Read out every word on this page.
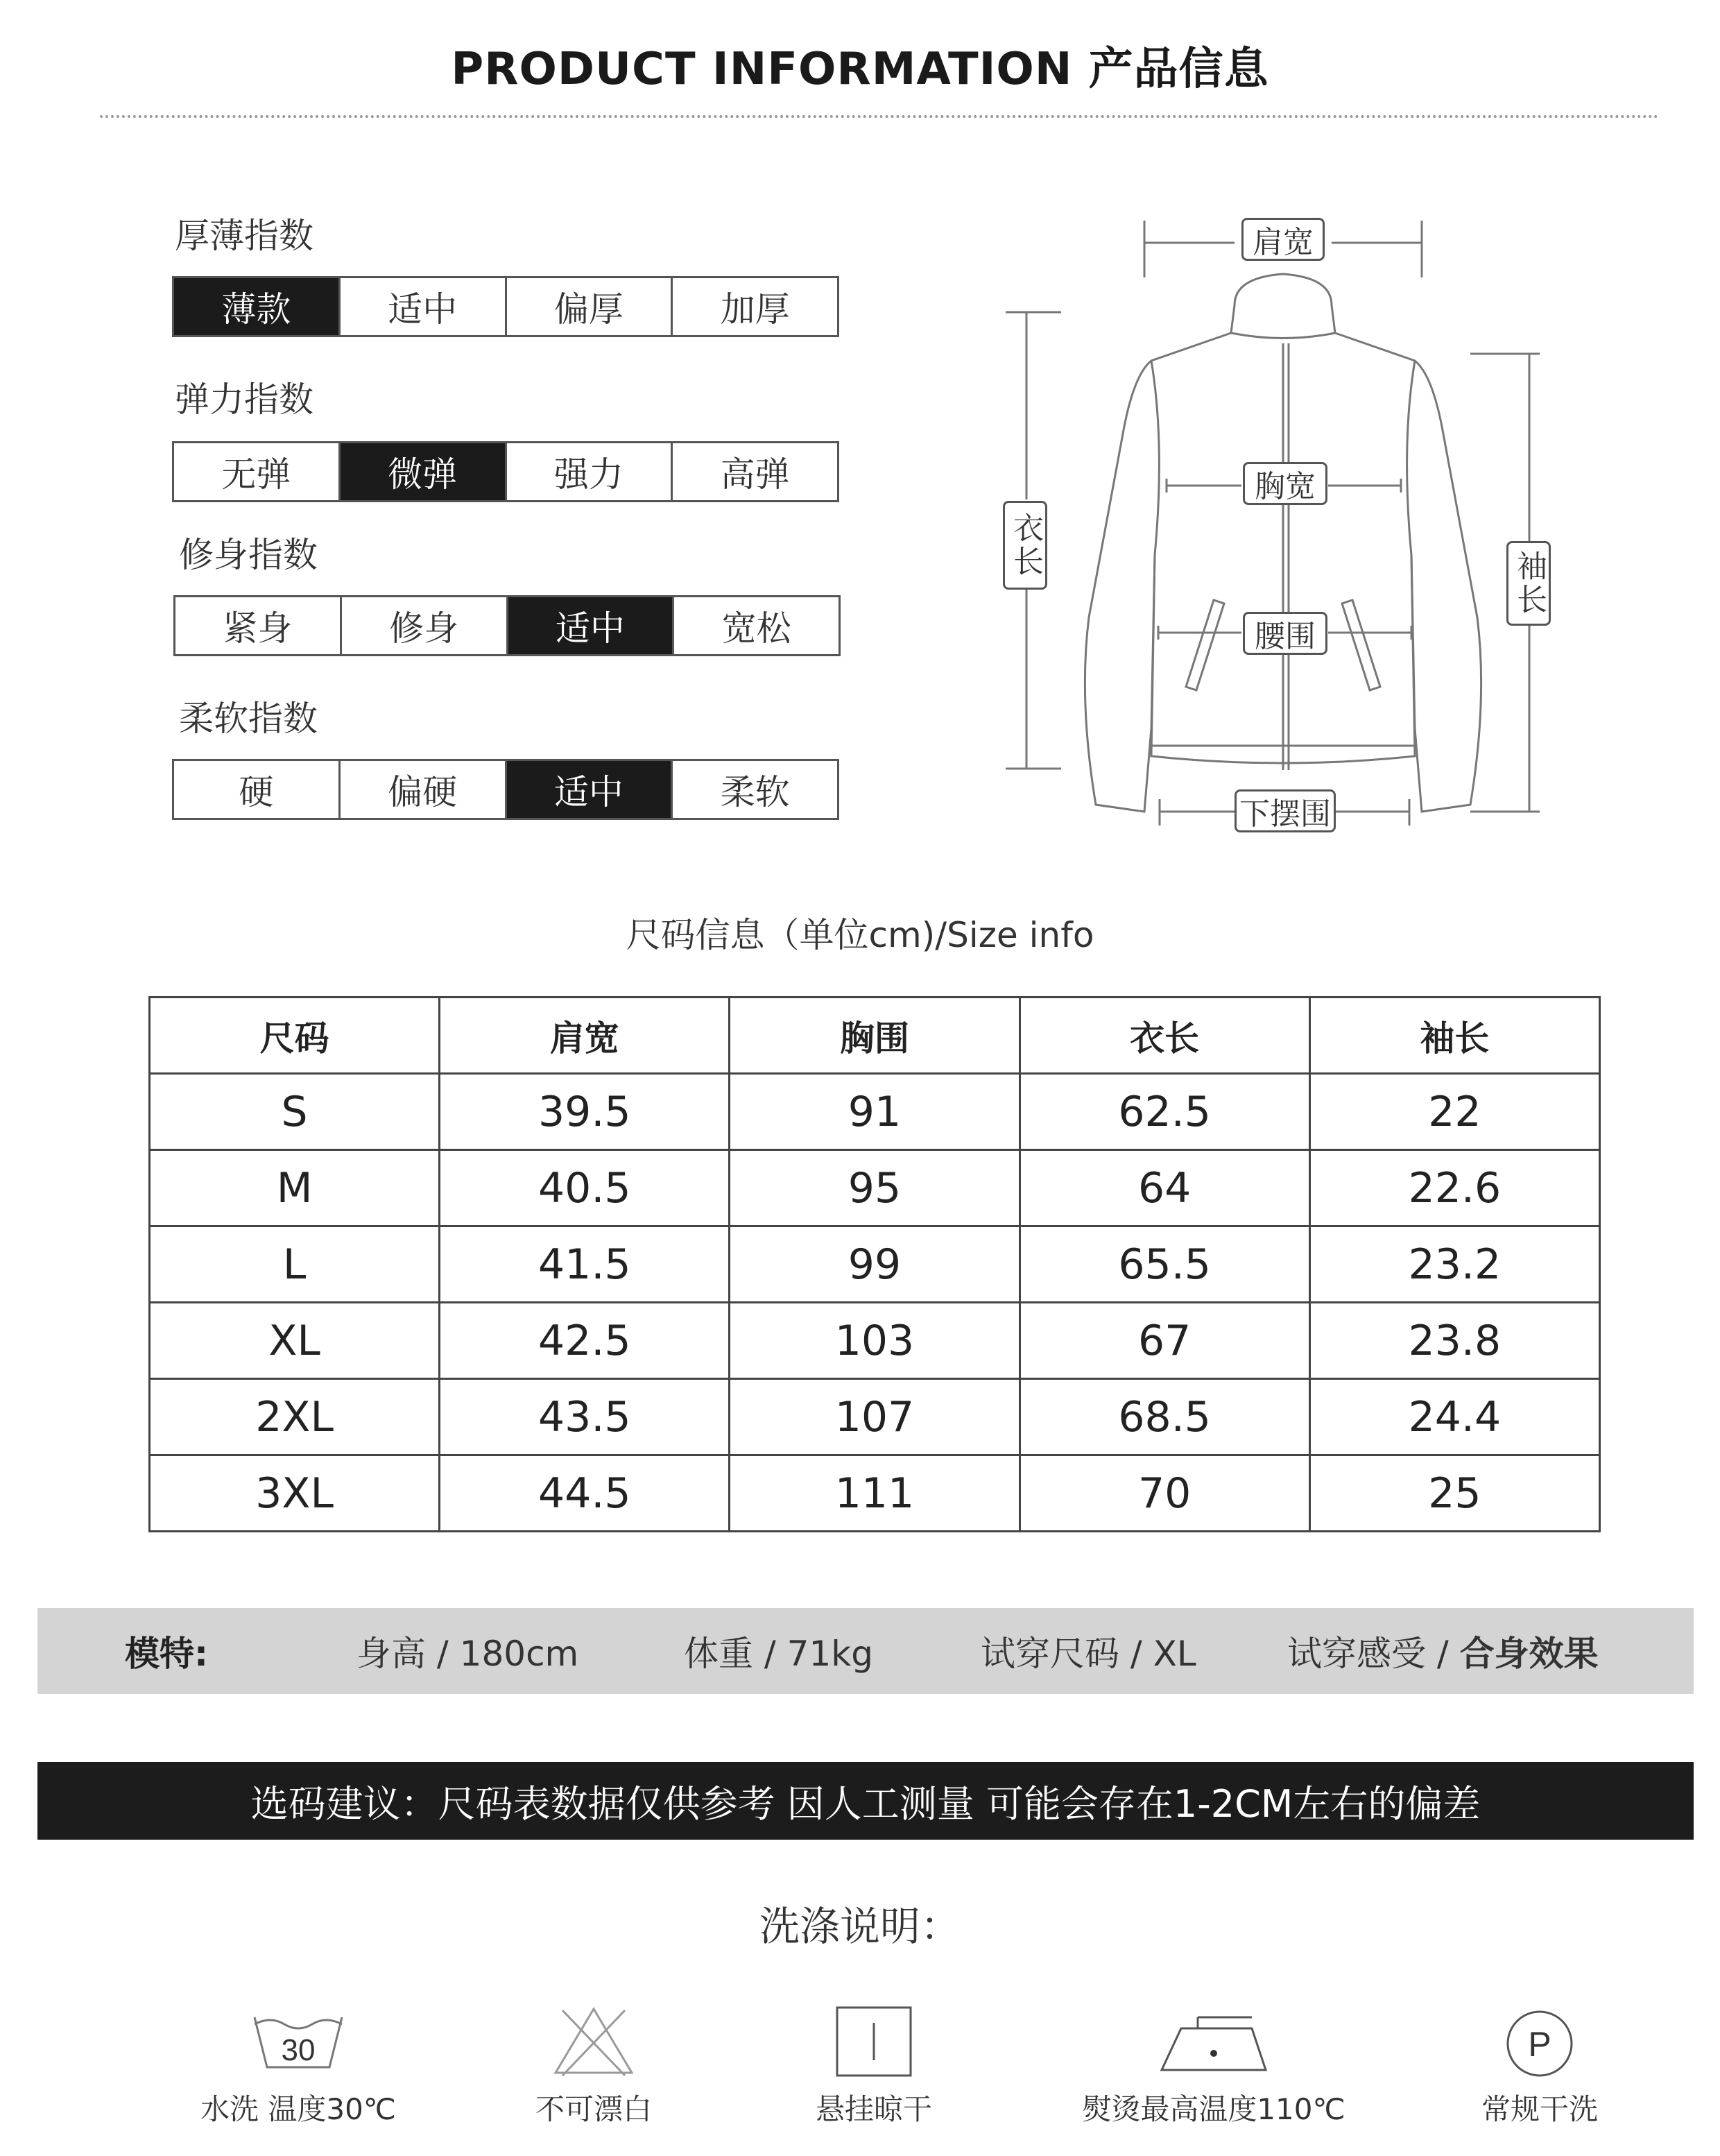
PRODUCT INFORMATION 产品信息
厚薄指数
薄款	适中	偏厚	加厚
弹力指数
无弹	微弹	强力	高弹
修身指数
紧身	修身	适中	宽松
柔软指数
硬	偏硬	适中	柔软
肩宽
胸宽
腰围
下摆围
衣长
袖长
尺码信息（单位cm)/Size info
尺码	肩宽	胸围	衣长	袖长
S	39.5	91	62.5	22
M	40.5	95	64	22.6
L	41.5	99	65.5	23.2
XL	42.5	103	67	23.8
2XL	43.5	107	68.5	24.4
3XL	44.5	111	70	25
模特:	身高 / 180cm	体重 / 71kg	试穿尺码 / XL	试穿感受 / 合身效果
选码建议：尺码表数据仅供参考 因人工测量 可能会存在1-2CM左右的偏差
洗涤说明：
30
水洗 温度30℃	不可漂白	悬挂晾干	熨烫最高温度110℃
P
常规干洗
